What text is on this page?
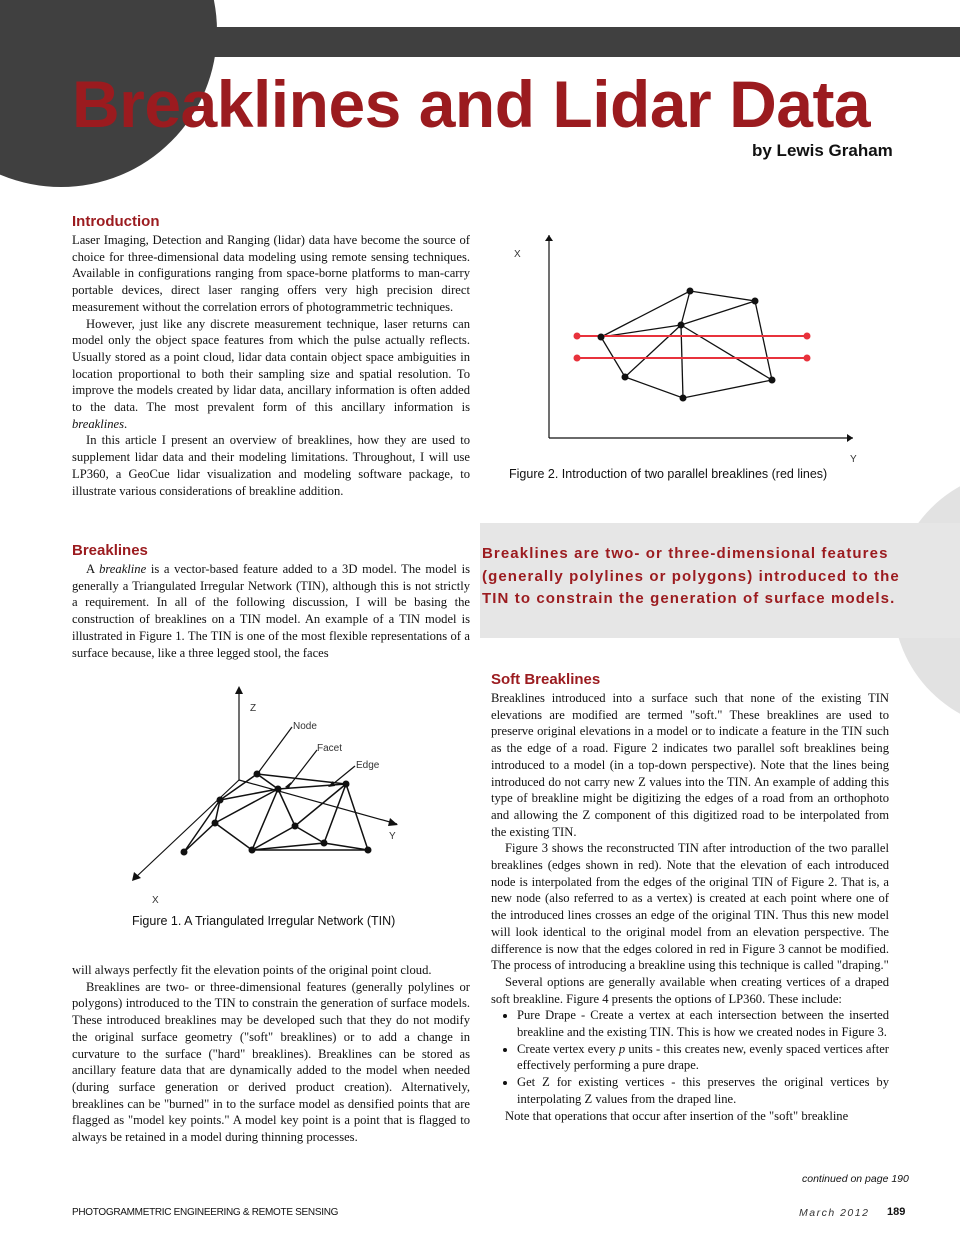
Breaklines and Lidar Data
by Lewis Graham
Introduction

Laser Imaging, Detection and Ranging (lidar) data have become the source of choice for three-dimensional data modeling using remote sensing techniques. Available in configurations ranging from space-borne platforms to man-carry portable devices, direct laser ranging offers very high precision direct measurement without the correlation errors of photogrammetric techniques.

However, just like any discrete measurement technique, laser returns can model only the object space features from which the pulse actually reflects. Usually stored as a point cloud, lidar data contain object space ambiguities in location proportional to both their sampling size and spatial resolution. To improve the models created by lidar data, ancillary information is often added to the data. The most prevalent form of this ancillary information is breaklines.

In this article I present an overview of breaklines, how they are used to supplement lidar data and their modeling limitations. Throughout, I will use LP360, a GeoCue lidar visualization and modeling software package, to illustrate various considerations of breakline addition.

X
Y
Figure 2. Introduction of two parallel breaklines (red lines)
Breaklines

A breakline is a vector-based feature added to a 3D model. The model is generally a Triangulated Irregular Network (TIN), although this is not strictly a requirement. In all of the following discussion, I will be basing the construction of breaklines on a TIN model. An example of a TIN model is illustrated in Figure 1. The TIN is one of the most flexible representations of a surface because, like a three legged stool, the faces

Breaklines are two- or three-dimensional features (generally polylines or polygons) introduced to the TIN to constrain the generation of surface models.
Z
Y
X
Node
Facet
Edge
Figure 1. A Triangulated Irregular Network (TIN)

will always perfectly fit the elevation points of the original point cloud.

Breaklines are two- or three-dimensional features (generally polylines or polygons) introduced to the TIN to constrain the generation of surface models. These introduced breaklines may be developed such that they do not modify the original surface geometry ("soft" breaklines) or to add a change in curvature to the surface ("hard" breaklines). Breaklines can be stored as ancillary feature data that are dynamically added to the model when needed (during surface generation or derived product creation). Alternatively, breaklines can be "burned" in to the surface model as densified points that are flagged as "model key points." A model key point is a point that is flagged to always be retained in a model during thinning processes.

Soft Breaklines

Breaklines introduced into a surface such that none of the existing TIN elevations are modified are termed "soft." These breaklines are used to preserve original elevations in a model or to indicate a feature in the TIN such as the edge of a road. Figure 2 indicates two parallel soft breaklines being introduced to a model (in a top-down perspective). Note that the lines being introduced do not carry new Z values into the TIN. An example of adding this type of breakline might be digitizing the edges of a road from an orthophoto and allowing the Z component of this digitized road to be interpolated from the existing TIN.

Figure 3 shows the reconstructed TIN after introduction of the two parallel breaklines (edges shown in red). Note that the elevation of each introduced node is interpolated from the edges of the original TIN of Figure 2. That is, a new node (also referred to as a vertex) is created at each point where one of the introduced lines crosses an edge of the original TIN. Thus this new model will look identical to the original model from an elevation perspective. The difference is now that the edges colored in red in Figure 3 cannot be modified. The process of introducing a breakline using this technique is called "draping."

Several options are generally available when creating vertices of a draped soft breakline. Figure 4 presents the options of LP360. These include:

• Pure Drape - Create a vertex at each intersection between the inserted breakline and the existing TIN. This is how we created nodes in Figure 3.
• Create vertex every p units - this creates new, evenly spaced vertices after effectively performing a pure drape.
• Get Z for existing vertices - this preserves the original vertices by interpolating Z values from the draped line.

Note that operations that occur after insertion of the "soft" breakline

continued on page 190
PHOTOGRAMMETRIC ENGINEERING & REMOTE SENSING	March 2012 189
